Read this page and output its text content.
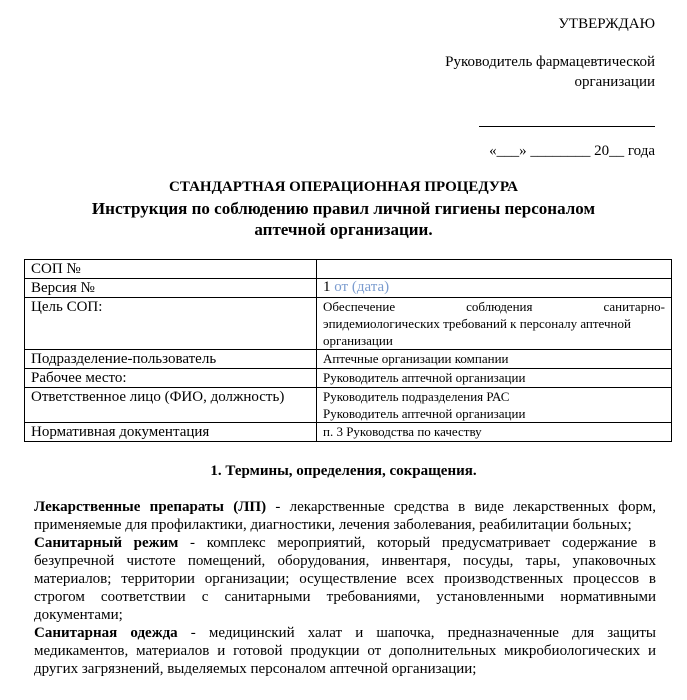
УТВЕРЖДАЮ
Руководитель фармацевтической
организации
«___» ________ 20__ года
СТАНДАРТНАЯ ОПЕРАЦИОННАЯ ПРОЦЕДУРА
Инструкция по соблюдению правил личной гигиены персоналом
аптечной организации.
СОП №	
Версия №	1 от (дата)
Цель СОП:	Обеспечение соблюдения санитарно-
эпидемиологических требований к персоналу аптечной организации

Подразделение-пользователь	Аптечные организации компании
Рабочее место:	Руководитель аптечной организации
Ответственное лицо (ФИО, должность)	Руководитель подразделения РАС
Руководитель аптечной организации

Нормативная документация	п. 3 Руководства по качеству
1. Термины, определения, сокращения.

Лекарственные препараты (ЛП) - лекарственные средства в виде лекарственных форм, применяемые для профилактики, диагностики, лечения заболевания, реабилитации больных;

Санитарный режим - комплекс мероприятий, который предусматривает содержание в безупречной чистоте помещений, оборудования, инвентаря, посуды, тары, упаковочных материалов; территории организации; осуществление всех производственных процессов в строгом соответствии с санитарными требованиями, установленными нормативными документами;

Санитарная одежда - медицинский халат и шапочка, предназначенные для защиты медикаментов, материалов и готовой продукции от дополнительных микробиологических и других загрязнений, выделяемых персоналом аптечной организации;
